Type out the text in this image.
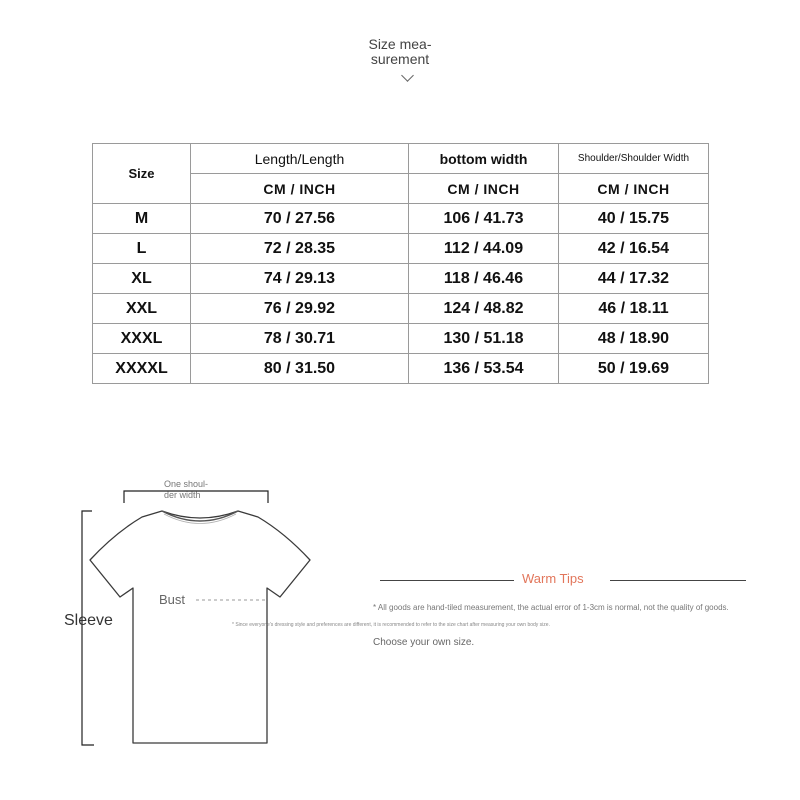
Size mea-
surement
Size	Length/Length	bottom width	Shoulder/Shoulder Width
	CM / INCH	CM / INCH	CM / INCH
M	70 / 27.56	106 / 41.73	40 / 15.75
L	72 / 28.35	112 / 44.09	42 / 16.54
XL	74 / 29.13	118 / 46.46	44 / 17.32
XXL	76 / 29.92	124 / 48.82	46 / 18.11
XXXL	78 / 30.71	130 / 51.18	48 / 18.90
XXXXL	80 / 31.50	136 / 53.54	50 / 19.69
One shoul-
der width
Bust
Sleeve
Warm Tips
* All goods are hand-tiled measurement, the actual error of 1-3cm is normal, not the quality of goods.
* Since everyone's dressing style and preferences are different, it is recommended to refer to the size chart after measuring your own body size.
Choose your own size.
